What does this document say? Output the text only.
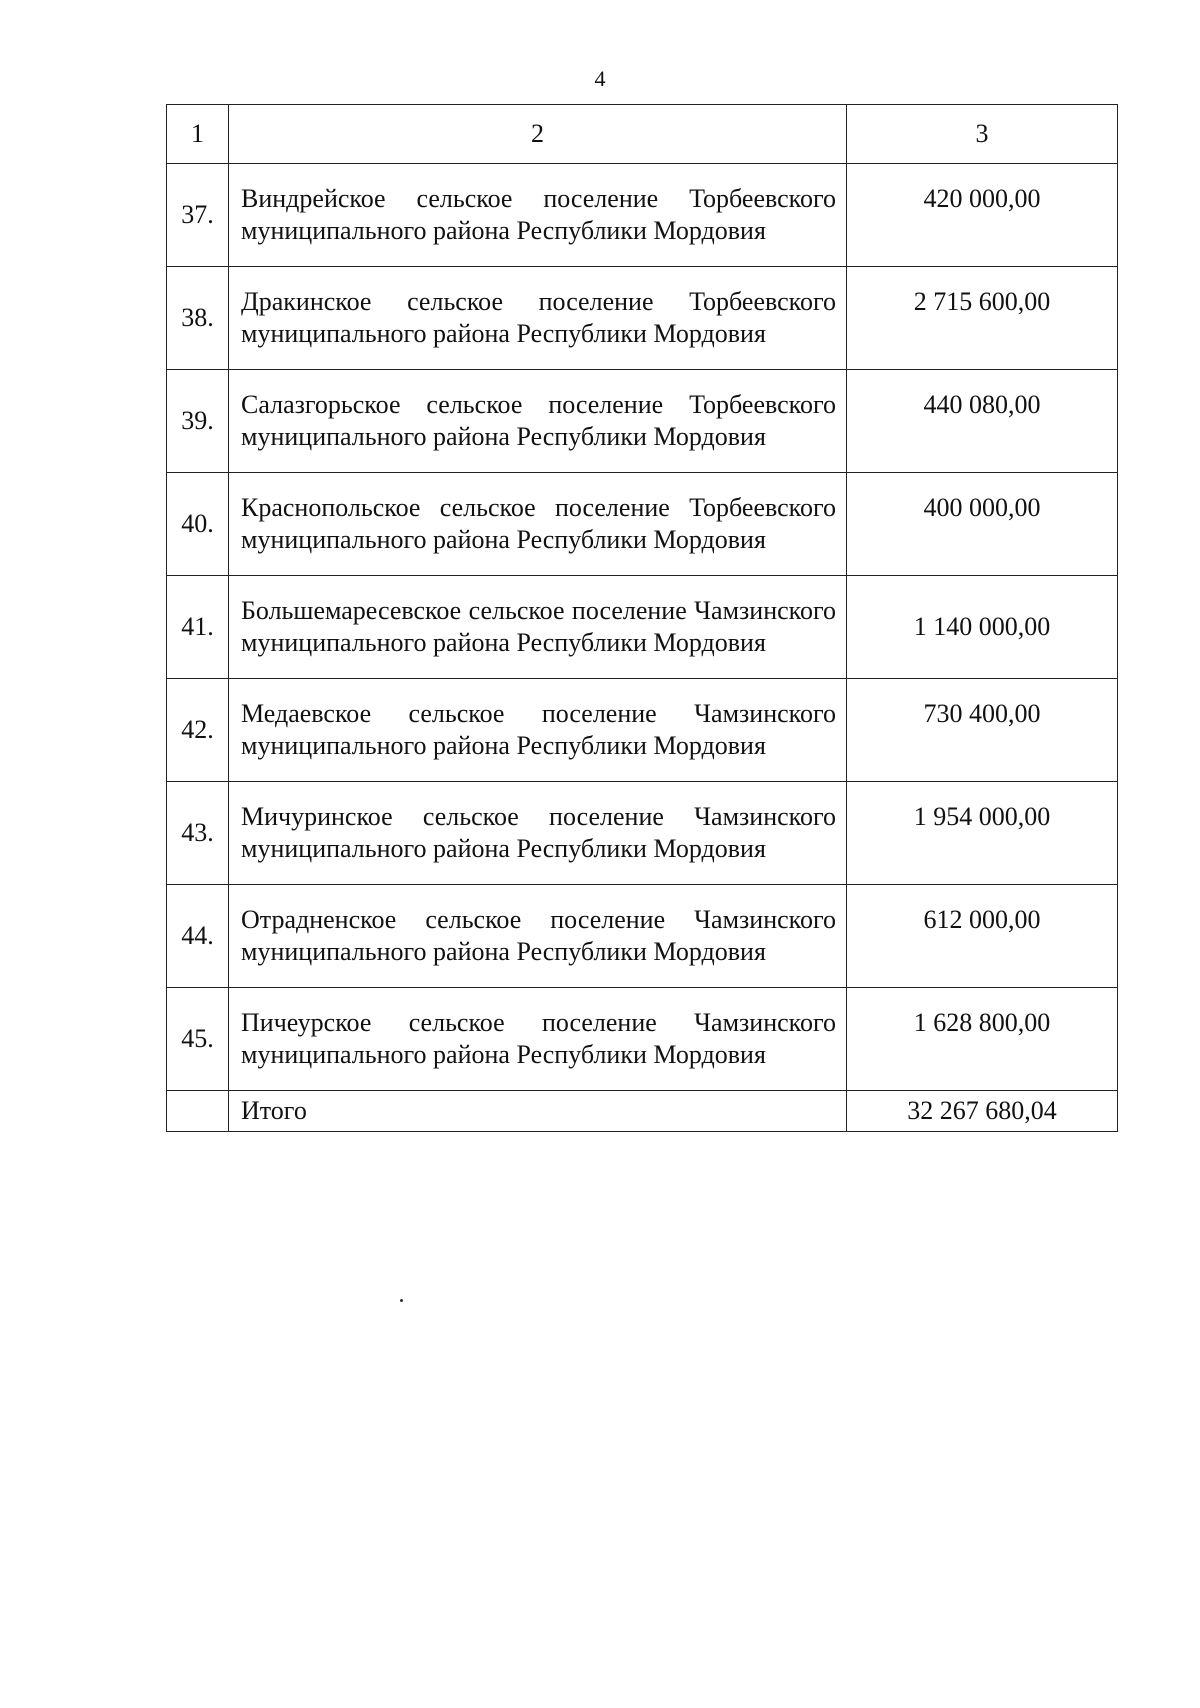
4
1	2	3
37.	Виндрейское сельское поселение Торбеевского муниципального района Республики Мордовия	420 000,00

38.	Дракинское сельское поселение Торбеевского муниципального района Республики Мордовия	2 715 600,00

39.	Салазгорьское сельское поселение Торбеевского муниципального района Республики Мордовия	440 080,00

40.	Краснопольское сельское поселение Торбеевского муниципального района Республики Мордовия	400 000,00

41.	Большемаресевское сельское поселение Чамзинского муниципального района Республики Мордовия	1 140 000,00

42.	Медаевское сельское поселение Чамзинского муниципального района Республики Мордовия	730 400,00

43.	Мичуринское сельское поселение Чамзинского муниципального района Республики Мордовия	1 954 000,00

44.	Отрадненское сельское поселение Чамзинского муниципального района Республики Мордовия	612 000,00

45.	Пичеурское сельское поселение Чамзинского муниципального района Республики Мордовия	1 628 800,00

	Итого	32 267 680,04
